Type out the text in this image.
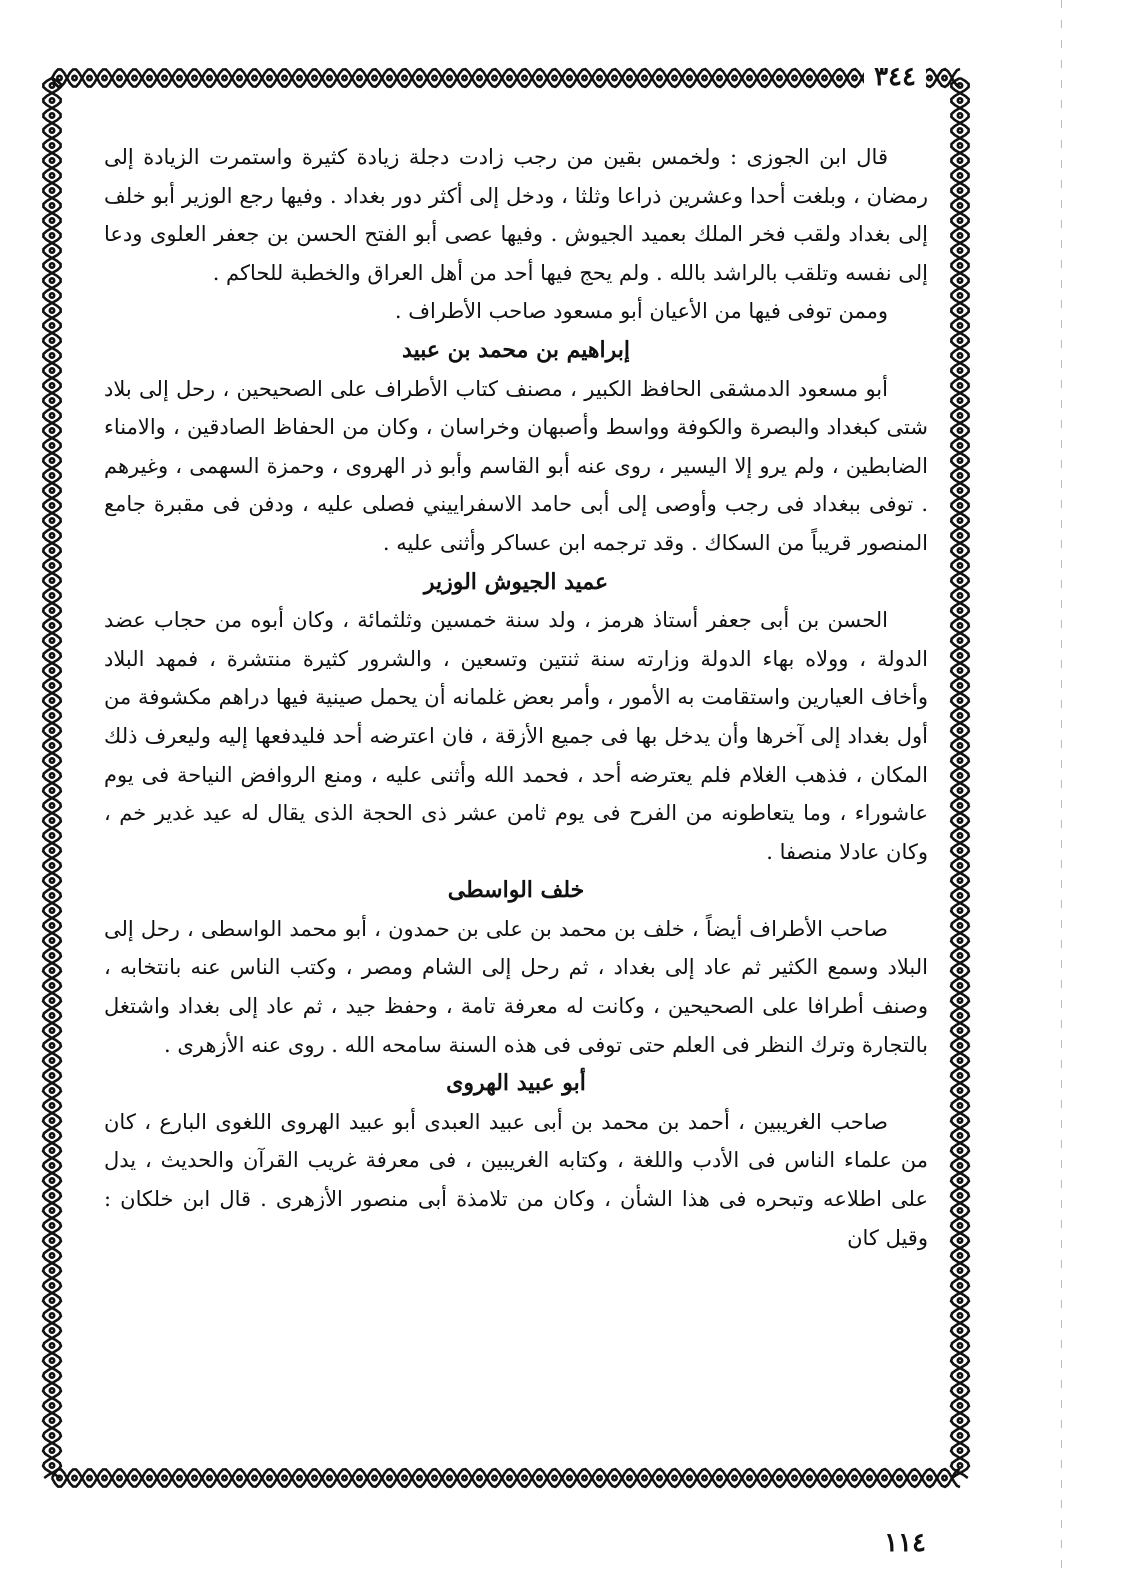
٣٤٤

قال ابن الجوزى : ولخمس بقين من رجب زادت دجلة زيادة كثيرة واستمرت الزيادة إلى رمضان ، وبلغت أحدا وعشرين ذراعا وثلثا ، ودخل إلى أكثر دور بغداد . وفيها رجع الوزير أبو خلف إلى بغداد ولقب فخر الملك بعميد الجيوش . وفيها عصى أبو الفتح الحسن بن جعفر العلوى ودعا إلى نفسه وتلقب بالراشد بالله . ولم يحج فيها أحد من أهل العراق والخطبة للحاكم .

وممن توفى فيها من الأعيان أبو مسعود صاحب الأطراف .

إبراهيم بن محمد بن عبيد

أبو مسعود الدمشقى الحافظ الكبير ، مصنف كتاب الأطراف على الصحيحين ، رحل إلى بلاد شتى كبغداد والبصرة والكوفة وواسط وأصبهان وخراسان ، وكان من الحفاظ الصادقين ، والامناء الضابطين ، ولم يرو إلا اليسير ، روى عنه أبو القاسم وأبو ذر الهروى ، وحمزة السهمى ، وغيرهم . توفى ببغداد فى رجب وأوصى إلى أبى حامد الاسفراييني فصلى عليه ، ودفن فى مقبرة جامع المنصور قريباً من السكاك . وقد ترجمه ابن عساكر وأثنى عليه .

عميد الجيوش الوزير

الحسن بن أبى جعفر أستاذ هرمز ، ولد سنة خمسين وثلثمائة ، وكان أبوه من حجاب عضد الدولة ، وولاه بهاء الدولة وزارته سنة ثنتين وتسعين ، والشرور كثيرة منتشرة ، فمهد البلاد وأخاف العيارين واستقامت به الأمور ، وأمر بعض غلمانه أن يحمل صينية فيها دراهم مكشوفة من أول بغداد إلى آخرها وأن يدخل بها فى جميع الأزقة ، فان اعترضه أحد فليدفعها إليه وليعرف ذلك المكان ، فذهب الغلام فلم يعترضه أحد ، فحمد الله وأثنى عليه ، ومنع الروافض النياحة فى يوم عاشوراء ، وما يتعاطونه من الفرح فى يوم ثامن عشر ذى الحجة الذى يقال له عيد غدير خم ، وكان عادلا منصفا .

خلف الواسطى

صاحب الأطراف أيضاً ، خلف بن محمد بن على بن حمدون ، أبو محمد الواسطى ، رحل إلى البلاد وسمع الكثير ثم عاد إلى بغداد ، ثم رحل إلى الشام ومصر ، وكتب الناس عنه بانتخابه ، وصنف أطرافا على الصحيحين ، وكانت له معرفة تامة ، وحفظ جيد ، ثم عاد إلى بغداد واشتغل بالتجارة وترك النظر فى العلم حتى توفى فى هذه السنة سامحه الله . روى عنه الأزهرى .

أبو عبيد الهروى

صاحب الغريبين ، أحمد بن محمد بن أبى عبيد العبدى أبو عبيد الهروى اللغوى البارع ، كان من علماء الناس فى الأدب واللغة ، وكتابه الغريبين ، فى معرفة غريب القرآن والحديث ، يدل على اطلاعه وتبحره فى هذا الشأن ، وكان من تلامذة أبى منصور الأزهرى . قال ابن خلكان : وقيل كان

١١٤
